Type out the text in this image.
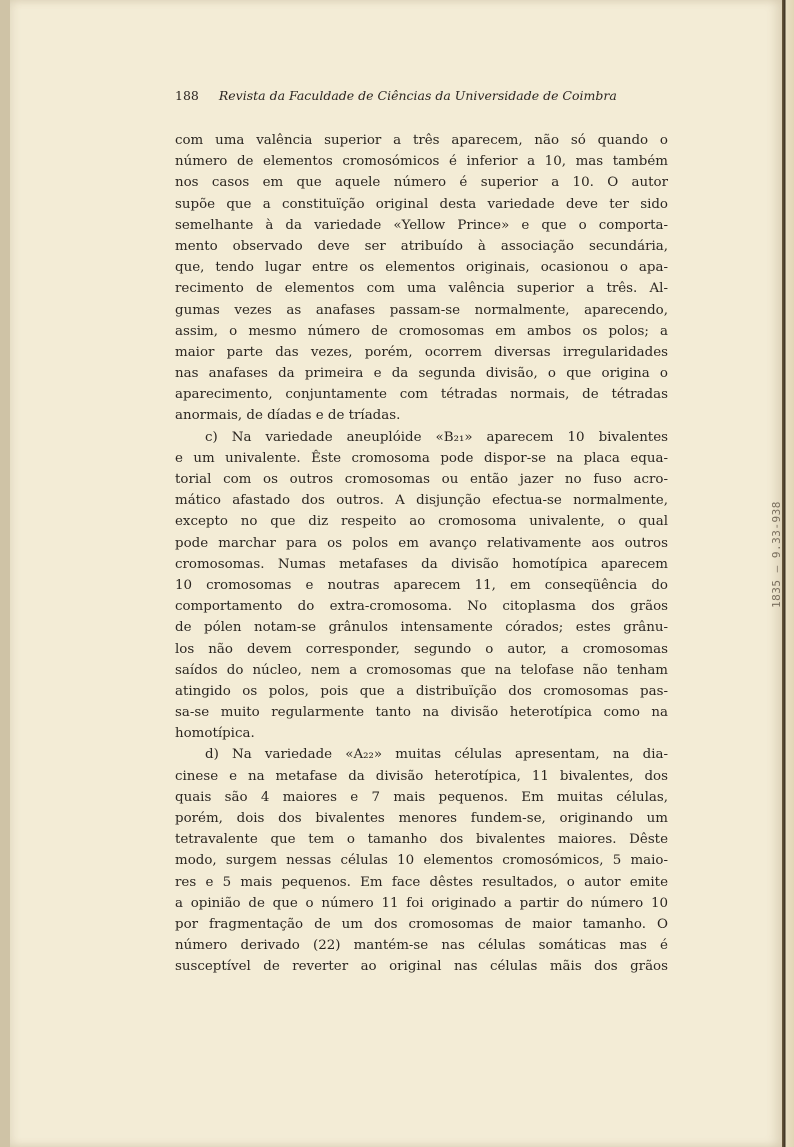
1835 — 9.33-938
188 Revista da Faculdade de Ciências da Universidade de Coimbra
com uma valência superior a três aparecem, não só quando o
número de elementos cromosómicos é inferior a 10, mas também
nos casos em que aquele número é superior a 10. O autor
supõe que a constituïção original desta variedade deve ter sido
semelhante à da variedade «Yellow Prince» e que o comporta-
mento observado deve ser atribuído à associação secundária,
que, tendo lugar entre os elementos originais, ocasionou o apa-
recimento de elementos com uma valência superior a três. Al-
gumas vezes as anafases passam-se normalmente, aparecendo,
assim, o mesmo número de cromosomas em ambos os polos; a
maior parte das vezes, porém, ocorrem diversas irregularidades
nas anafases da primeira e da segunda divisão, o que origina o
aparecimento, conjuntamente com tétradas normais, de tétradas
anormais, de díadas e de tríadas.
c) Na variedade aneuplóide «B₂₁» aparecem 10 bivalentes
e um univalente. Êste cromosoma pode dispor-se na placa equa-
torial com os outros cromosomas ou então jazer no fuso acro-
mático afastado dos outros. A disjunção efectua-se normalmente,
excepto no que diz respeito ao cromosoma univalente, o qual
pode marchar para os polos em avanço relativamente aos outros
cromosomas. Numas metafases da divisão homotípica aparecem
10 cromosomas e noutras aparecem 11, em conseqüência do
comportamento do extra-cromosoma. No citoplasma dos grãos
de pólen notam-se grânulos intensamente córados; estes grânu-
los não devem corresponder, segundo o autor, a cromosomas
saídos do núcleo, nem a cromosomas que na telofase não tenham
atingido os polos, pois que a distribuïção dos cromosomas pas-
sa-se muito regularmente tanto na divisão heterotípica como na
homotípica.
d) Na variedade «A₂₂» muitas células apresentam, na dia-
cinese e na metafase da divisão heterotípica, 11 bivalentes, dos
quais são 4 maiores e 7 mais pequenos. Em muitas células,
porém, dois dos bivalentes menores fundem-se, originando um
tetravalente que tem o tamanho dos bivalentes maiores. Dêste
modo, surgem nessas células 10 elementos cromosómicos, 5 maio-
res e 5 mais pequenos. Em face dêstes resultados, o autor emite
a opinião de que o número 11 foi originado a partir do número 10
por fragmentação de um dos cromosomas de maior tamanho. O
número derivado (22) mantém-se nas células somáticas mas é
susceptível de reverter ao original nas células mãis dos grãos
